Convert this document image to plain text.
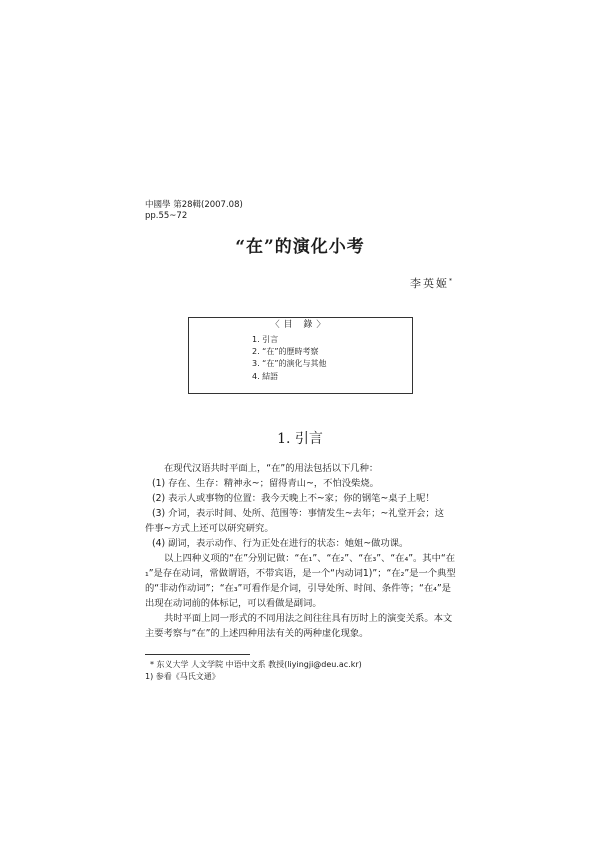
中國學 第28輯(2007.08)
pp.55~72
“在”的演化小考
李英姬*
〈目 錄〉
1. 引言
2. “在”的歷時考察
3. “在”的演化与其他
4. 結語
1. 引言
在现代汉语共时平面上，“在”的用法包括以下几种：
(1) 存在、生存：精神永~；留得青山~，不怕没柴烧。
(2) 表示人或事物的位置：我今天晚上不~家；你的钢笔~桌子上呢！
(3) 介词，表示时间、处所、范围等：事情发生~去年；~礼堂开会；这
件事~方式上还可以研究研究。
(4) 副词，表示动作、行为正处在进行的状态：她姐~做功课。
以上四种义项的“在”分别记做：“在₁”、“在₂”、“在₃”、“在₄”。其中“在
₁”是存在动词，常做谓语，不带宾语，是一个“内动词1)”；“在₂”是一个典型
的“非动作动词”；“在₃”可看作是介词，引导处所、时间、条件等；“在₄”是
出现在动词前的体标记，可以看做是副词。
共时平面上同一形式的不同用法之间往往具有历时上的演变关系。本文
主要考察与“在”的上述四种用法有关的两种虚化现象。
* 东义大学 人文学院 中语中文系 教授(liyingji@deu.ac.kr)
1) 参看《马氏文通》
